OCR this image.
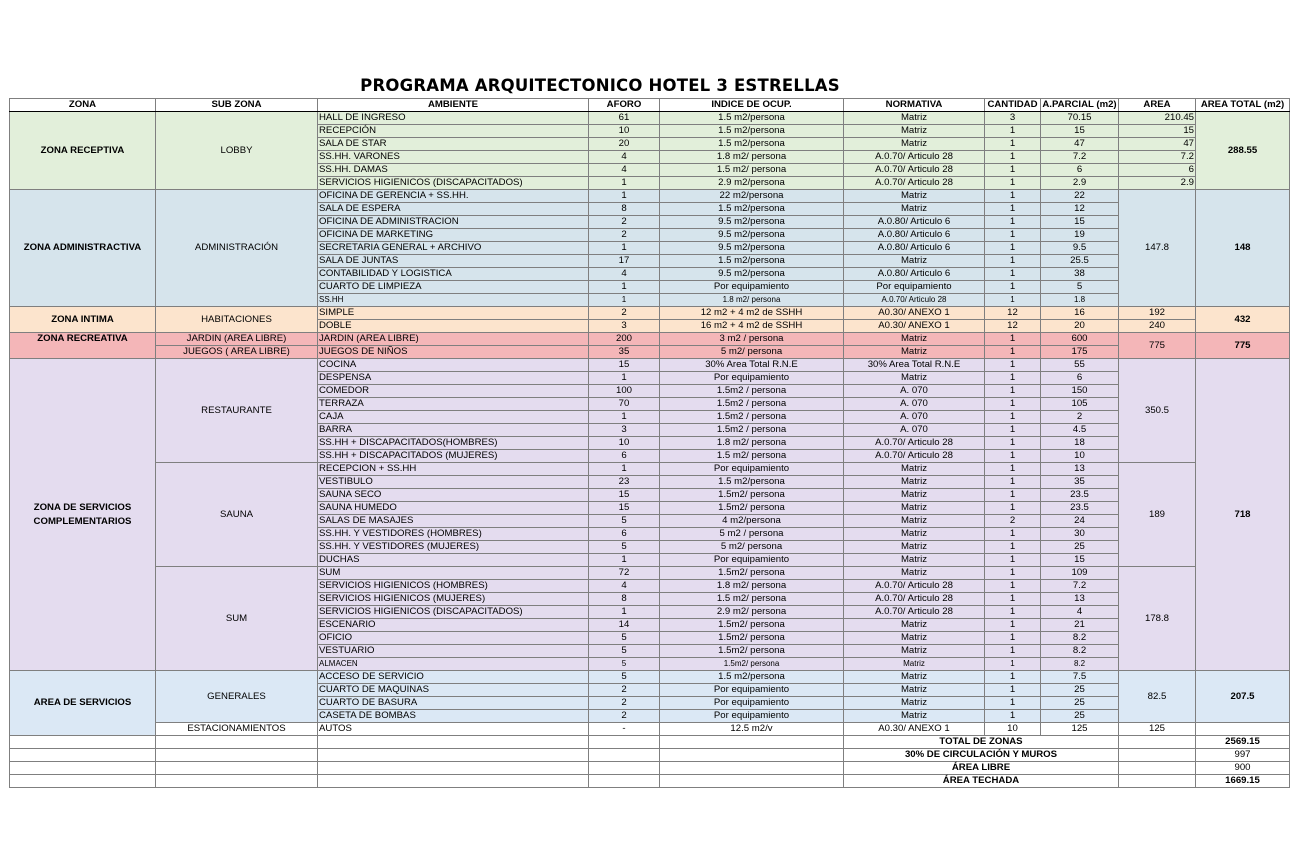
PROGRAMA ARQUITECTONICO HOTEL 3 ESTRELLAS
ZONA	SUB ZONA	AMBIENTE	AFORO	INDICE DE OCUP.	NORMATIVA	CANTIDAD	A.PARCIAL (m2)	AREA	AREA TOTAL (m2)
ZONA RECEPTIVA	LOBBY	HALL DE INGRESO	61	1.5 m2/persona	Matriz	3	70.15	210.45	288.55
		RECEPCIÓN	10	1.5 m2/persona	Matriz	1	15	15	
		SALA DE STAR	20	1.5 m2/persona	Matriz	1	47	47	
		SS.HH. VARONES	4	1.8 m2/ persona	A.0.70/ Articulo 28	1	7.2	7.2	
		SS.HH. DAMAS	4	1.5 m2/ persona	A.0.70/ Articulo 28	1	6	6	
		SERVICIOS HIGIENICOS (DISCAPACITADOS)	1	2.9 m2/persona	A.0.70/ Articulo 28	1	2.9	2.9	
ZONA ADMINISTRACTIVA	ADMINISTRACIÓN	OFICINA DE GERENCIA + SS.HH.	1	22 m2/persona	Matriz	1	22	147.8	148
		SALA DE ESPERA	8	1.5 m2/persona	Matriz	1	12		
		OFICINA DE ADMINISTRACION	2	9.5 m2/persona	A.0.80/ Articulo 6	1	15		
		OFICINA DE MARKETING	2	9.5 m2/persona	A.0.80/ Articulo 6	1	19		
		SECRETARIA GENERAL + ARCHIVO	1	9.5 m2/persona	A.0.80/ Articulo 6	1	9.5		
		SALA DE JUNTAS	17	1.5 m2/persona	Matriz	1	25.5		
		CONTABILIDAD Y LOGISTICA	4	9.5 m2/persona	A.0.80/ Articulo 6	1	38		
		CUARTO DE LIMPIEZA	1	Por equipamiento	Por equipamiento	1	5		
		SS.HH	1	1.8 m2/ persona	A.0.70/ Articulo 28	1	1.8		
ZONA INTIMA	HABITACIONES	SIMPLE	2	12 m2 + 4 m2 de SSHH	A0.30/ ANEXO 1	12	16	192	432
		DOBLE	3	16 m2 + 4 m2 de SSHH	A0.30/ ANEXO 1	12	20	240	
ZONA RECREATIVA	JARDIN (AREA LIBRE)	JARDIN (AREA LIBRE)	200	3 m2 / persona	Matriz	1	600	775	775
	JUEGOS ( AREA LIBRE)	JUEGOS DE NIÑOS	35	5 m2/ persona	Matriz	1	175		
ZONA DE SERVICIOS COMPLEMENTARIOS	RESTAURANTE	COCINA	15	30% Area Total R.N.E	30% Area Total R.N.E	1	55	350.5	718
		DESPENSA	1	Por equipamiento	Matriz	1	6		
		COMEDOR	100	1.5m2 / persona	A. 070	1	150		
		TERRAZA	70	1.5m2 / persona	A. 070	1	105		
		CAJA	1	1.5m2 / persona	A. 070	1	2		
		BARRA	3	1.5m2 / persona	A. 070	1	4.5		
		SS.HH + DISCAPACITADOS(HOMBRES)	10	1.8 m2/ persona	A.0.70/ Articulo 28	1	18		
		SS.HH + DISCAPACITADOS (MUJERES)	6	1.5 m2/ persona	A.0.70/ Articulo 28	1	10		
	SAUNA	RECEPCION + SS.HH	1	Por equipamiento	Matriz	1	13	189	
		VESTIBULO	23	1.5 m2/persona	Matriz	1	35		
		SAUNA SECO	15	1.5m2/ persona	Matriz	1	23.5		
		SAUNA HUMEDO	15	1.5m2/ persona	Matriz	1	23.5		
		SALAS DE MASAJES	5	4 m2/persona	Matriz	2	24		
		SS.HH. Y VESTIDORES (HOMBRES)	6	5 m2 / persona	Matriz	1	30		
		SS.HH. Y VESTIDORES (MUJERES)	5	5 m2/ persona	Matriz	1	25		
		DUCHAS	1	Por equipamiento	Matriz	1	15		
	SUM	SUM	72	1.5m2/ persona	Matriz	1	109	178.8	
		SERVICIOS HIGIENICOS (HOMBRES)	4	1.8 m2/ persona	A.0.70/ Articulo 28	1	7.2		
		SERVICIOS HIGIENICOS (MUJERES)	8	1.5 m2/ persona	A.0.70/ Articulo 28	1	13		
		SERVICIOS HIGIENICOS (DISCAPACITADOS)	1	2.9 m2/ persona	A.0.70/ Articulo 28	1	4		
		ESCENARIO	14	1.5m2/ persona	Matriz	1	21		
		OFICIO	5	1.5m2/ persona	Matriz	1	8.2		
		VESTUARIO	5	1.5m2/ persona	Matriz	1	8.2		
		ALMACEN	5	1.5m2/ persona	Matriz	1	8.2		
AREA DE SERVICIOS	GENERALES	ACCESO DE SERVICIO	5	1.5 m2/persona	Matriz	1	7.5	82.5	207.5
		CUARTO DE MAQUINAS	2	Por equipamiento	Matriz	1	25		
		CUARTO DE BASURA	2	Por equipamiento	Matriz	1	25		
		CASETA DE BOMBAS	2	Por equipamiento	Matriz	1	25		
	ESTACIONAMIENTOS	AUTOS	-	12.5 m2/v	A0.30/ ANEXO 1	10	125	125	
					TOTAL DE ZONAS				2569.15
					30% DE CIRCULACIÓN Y MUROS				997
					ÁREA LIBRE				900
					ÁREA TECHADA				1669.15
